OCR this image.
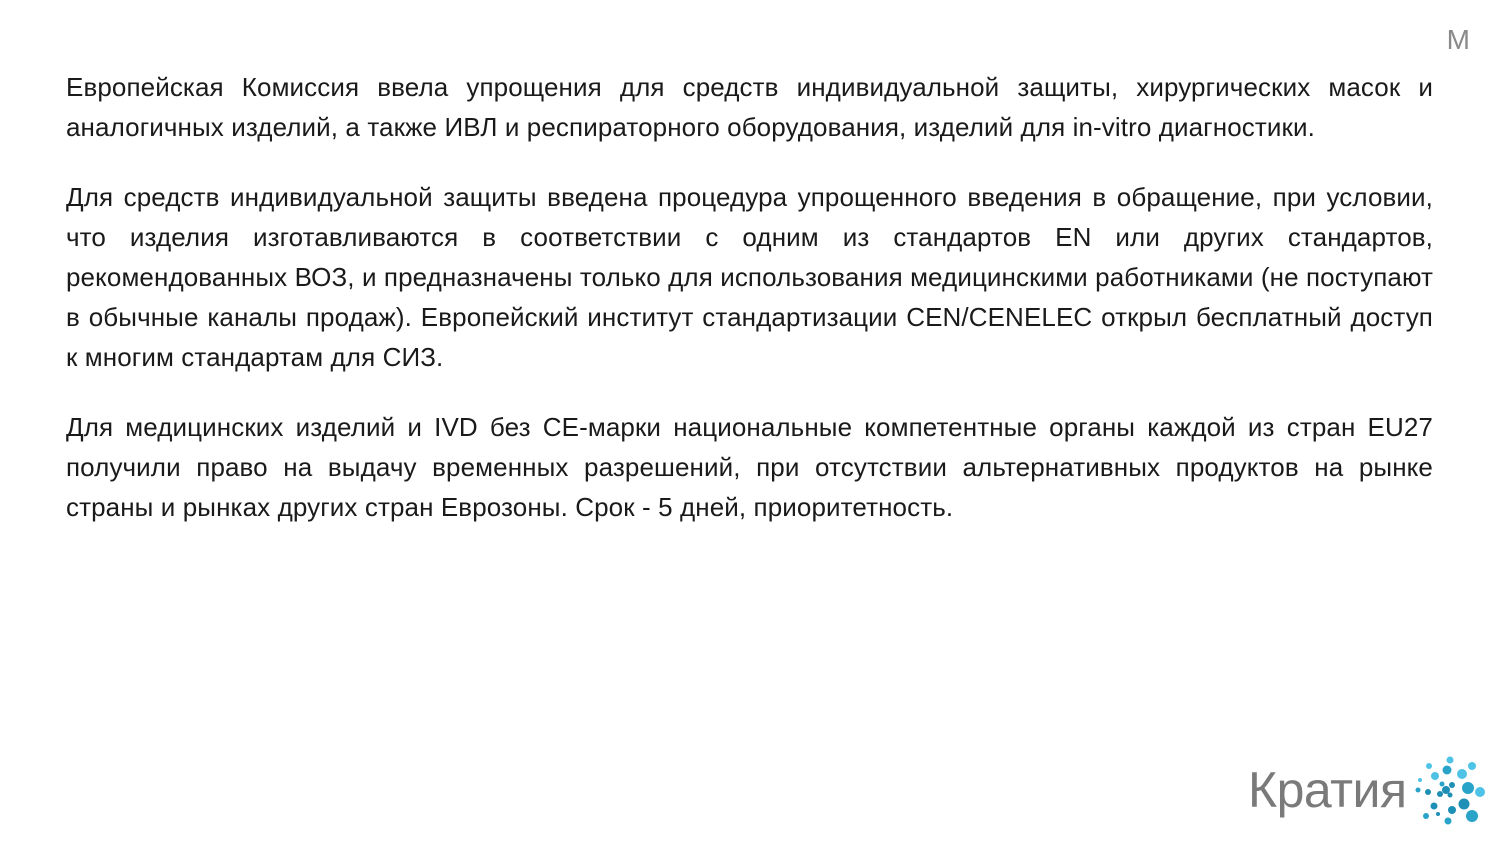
М

Европейская Комиссия ввела упрощения для средств индивидуальной защиты, хирургических масок и аналогичных изделий, а также ИВЛ и респираторного оборудования, изделий для in-vitro диагностики.

Для средств индивидуальной защиты введена процедура упрощенного введения в обращение, при условии, что изделия изготавливаются в соответствии с одним из стандартов EN или других стандартов, рекомендованных ВОЗ, и предназначены только для использования медицинскими работниками (не поступают в обычные каналы продаж). Европейский институт стандартизации CEN/CENELEC открыл бесплатный доступ к многим стандартам для СИЗ.

Для медицинских изделий и IVD без CE-марки национальные компетентные органы каждой из стран EU27 получили право на выдачу временных разрешений, при отсутствии альтернативных продуктов на рынке страны и рынках других стран Еврозоны. Срок - 5 дней, приоритетность.

Кратия
